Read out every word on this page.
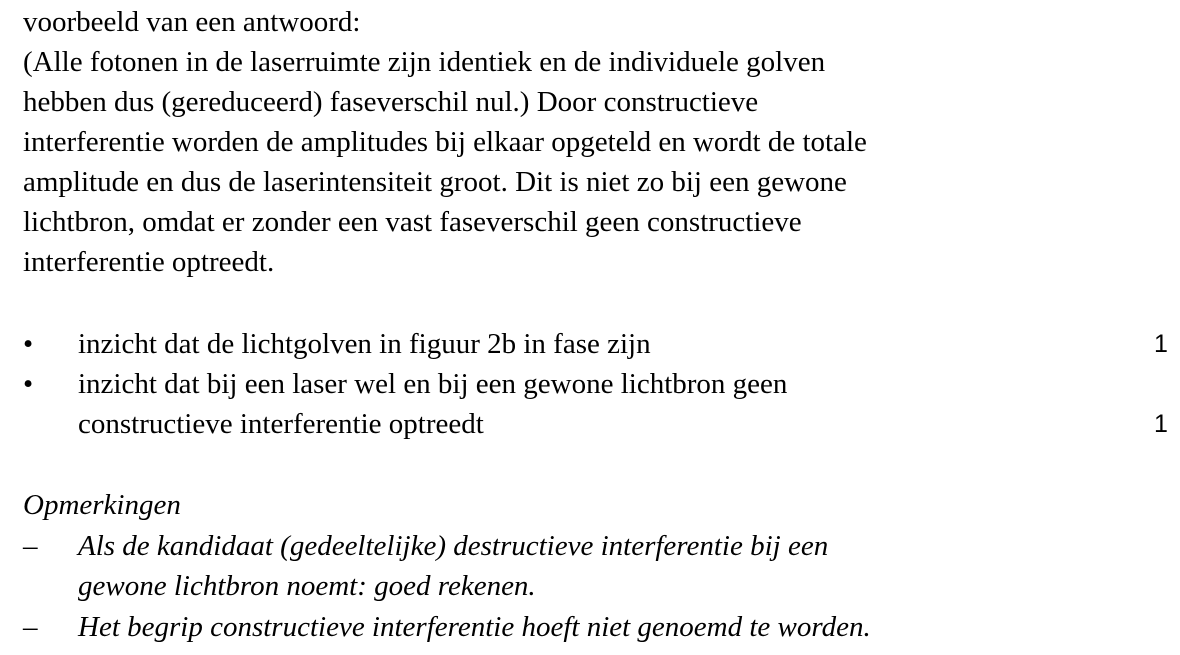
voorbeeld van een antwoord:
(Alle fotonen in de laserruimte zijn identiek en de individuele golven
hebben dus (gereduceerd) faseverschil nul.) Door constructieve
interferentie worden de amplitudes bij elkaar opgeteld en wordt de totale
amplitude en dus de laserintensiteit groot. Dit is niet zo bij een gewone
lichtbron, omdat er zonder een vast faseverschil geen constructieve
interferentie optreedt.
• inzicht dat de lichtgolven in figuur 2b in fase zijn	1
• inzicht dat bij een laser wel en bij een gewone lichtbron geen
constructieve interferentie optreedt	1
Opmerkingen
– Als de kandidaat (gedeeltelijke) destructieve interferentie bij een
gewone lichtbron noemt: goed rekenen.
– Het begrip constructieve interferentie hoeft niet genoemd te worden.
